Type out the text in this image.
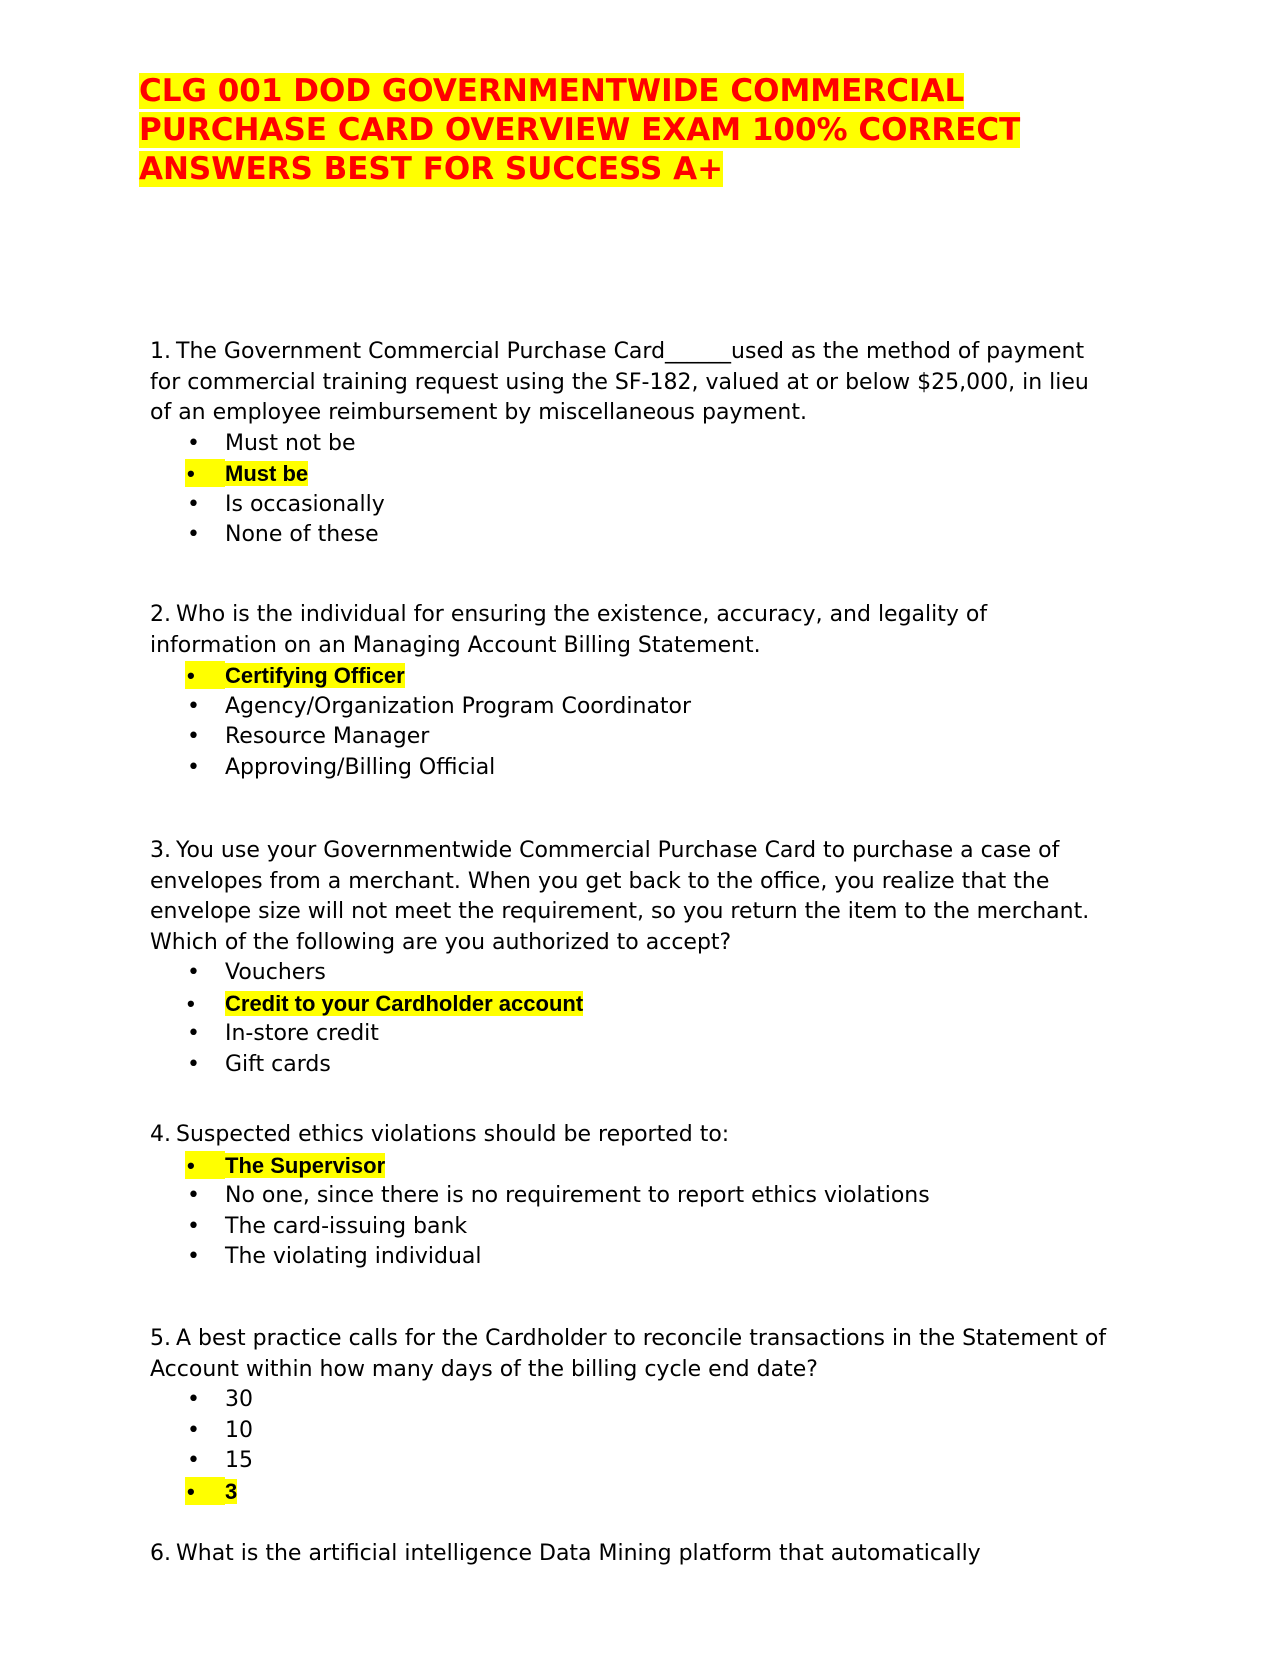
CLG 001 DOD GOVERNMENTWIDE COMMERCIAL
PURCHASE CARD OVERVIEW EXAM 100% CORRECT
ANSWERS BEST FOR SUCCESS A+

1. The Government Commercial Purchase Card______used as the method of payment
for commercial training request using the SF-182, valued at or below $25,000, in lieu
of an employee reimbursement by miscellaneous payment.

• Must not be
• Must be
• Is occasionally
• None of these

2. Who is the individual for ensuring the existence, accuracy, and legality of
information on an Managing Account Billing Statement.

• Certifying Officer
• Agency/Organization Program Coordinator
• Resource Manager
• Approving/Billing Official

3. You use your Governmentwide Commercial Purchase Card to purchase a case of
envelopes from a merchant. When you get back to the office, you realize that the
envelope size will not meet the requirement, so you return the item to the merchant.
Which of the following are you authorized to accept?

• Vouchers
• Credit to your Cardholder account
• In-store credit
• Gift cards

4. Suspected ethics violations should be reported to:

• The Supervisor
• No one, since there is no requirement to report ethics violations
• The card-issuing bank
• The violating individual

5. A best practice calls for the Cardholder to reconcile transactions in the Statement of
Account within how many days of the billing cycle end date?

• 30
• 10
• 15
• 3

6. What is the artificial intelligence Data Mining platform that automatically
